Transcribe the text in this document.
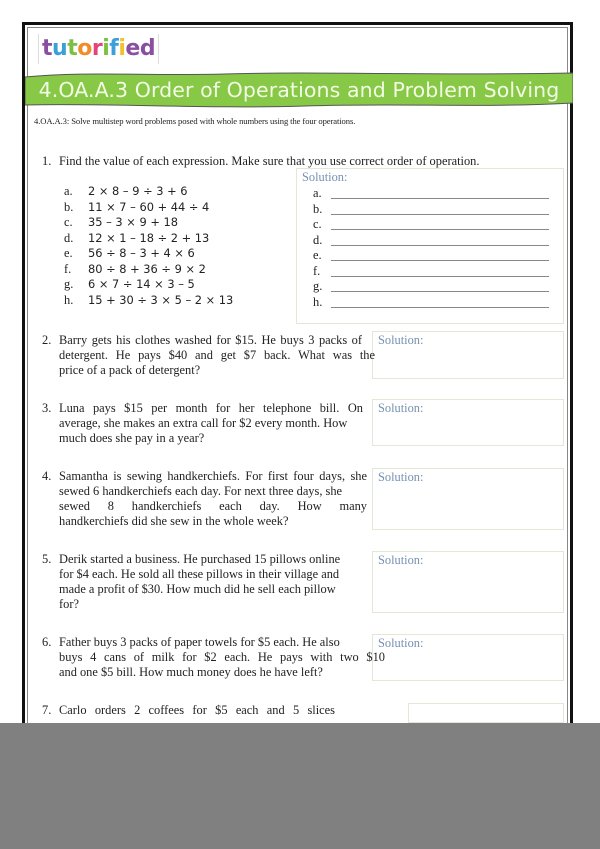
tutorified
4.OA.A.3 Order of Operations and Problem Solving
4.OA.A.3: Solve multistep word problems posed with whole numbers using the four operations.
1. Find the value of each expression. Make sure that you use correct order of operation.
a. 2 × 8 – 9 ÷ 3 + 6
b. 11 × 7 – 60 + 44 ÷ 4
c. 35 – 3 × 9 + 18
d. 12 × 1 – 18 ÷ 2 + 13
e. 56 ÷ 8 – 3 + 4 × 6
f. 80 ÷ 8 + 36 ÷ 9 × 2
g. 6 × 7 ÷ 14 × 3 – 5
h. 15 + 30 ÷ 3 × 5 – 2 × 13
Solution:
a.
b.
c.
d.
e.
f.
g.
h.
Solution:
2. Barry gets his clothes washed for $15. He buys 3 packs of
detergent. He pays $40 and get $7 back. What was the
price of a pack of detergent?
3. Luna pays $15 per month for her telephone bill. On
average, she makes an extra call for $2 every month. How
much does she pay in a year?
Solution:
4. Samantha is sewing handkerchiefs. For first four days, she
sewed 6 handkerchiefs each day. For next three days, she
sewed 8 handkerchiefs each day. How many
handkerchiefs did she sew in the whole week?
Solution:
5. Derik started a business. He purchased 15 pillows online
for $4 each. He sold all these pillows in their village and
made a profit of $30. How much did he sell each pillow
for?
Solution:
Solution:
6. Father buys 3 packs of paper towels for $5 each. He also
buys 4 cans of milk for $2 each. He pays with two $10
and one $5 bill. How much money does he have left?
7. Carlo orders 2 coffees for $5 each and 5 slices
